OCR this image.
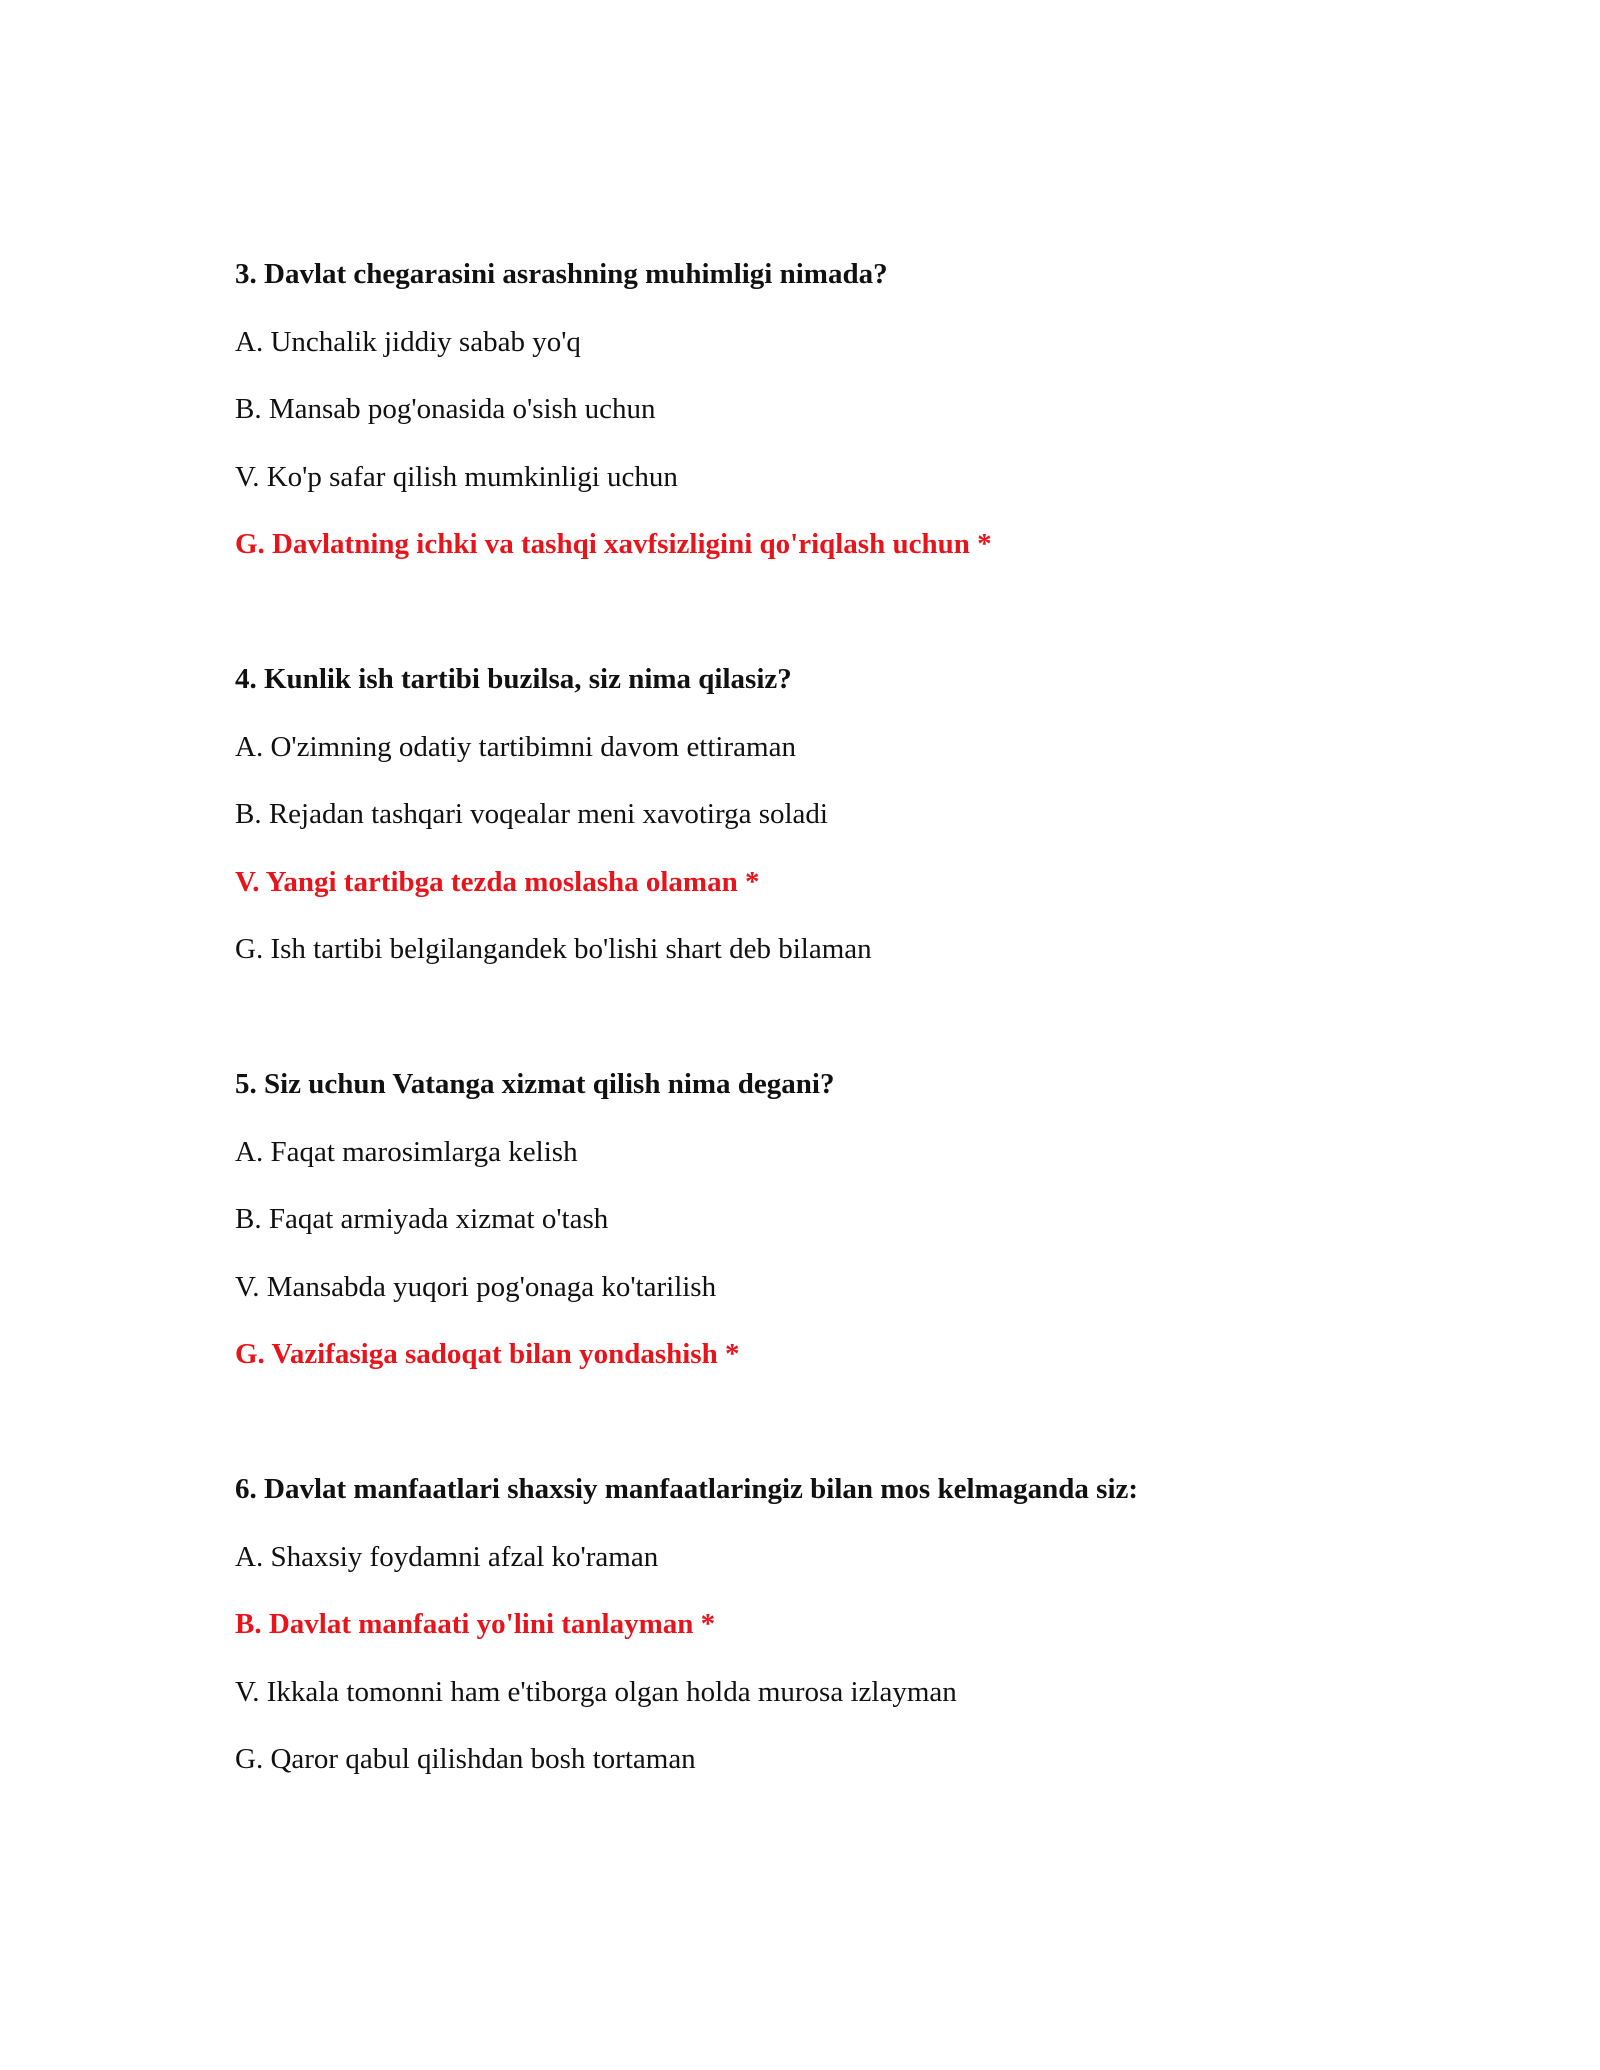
3. Davlat chegarasini asrashning muhimligi nimada?
A. Unchalik jiddiy sabab yo'q
B. Mansab pog'onasida o'sish uchun
V. Ko'p safar qilish mumkinligi uchun
G. Davlatning ichki va tashqi xavfsizligini qo'riqlash uchun *
4. Kunlik ish tartibi buzilsa, siz nima qilasiz?
A. O'zimning odatiy tartibimni davom ettiraman
B. Rejadan tashqari voqealar meni xavotirga soladi
V. Yangi tartibga tezda moslasha olaman *
G. Ish tartibi belgilangandek bo'lishi shart deb bilaman
5. Siz uchun Vatanga xizmat qilish nima degani?
A. Faqat marosimlarga kelish
B. Faqat armiyada xizmat o'tash
V. Mansabda yuqori pog'onaga ko'tarilish
G. Vazifasiga sadoqat bilan yondashish *
6. Davlat manfaatlari shaxsiy manfaatlaringiz bilan mos kelmaganda siz:
A. Shaxsiy foydamni afzal ko'raman
B. Davlat manfaati yo'lini tanlayman *
V. Ikkala tomonni ham e'tiborga olgan holda murosa izlayman
G. Qaror qabul qilishdan bosh tortaman
